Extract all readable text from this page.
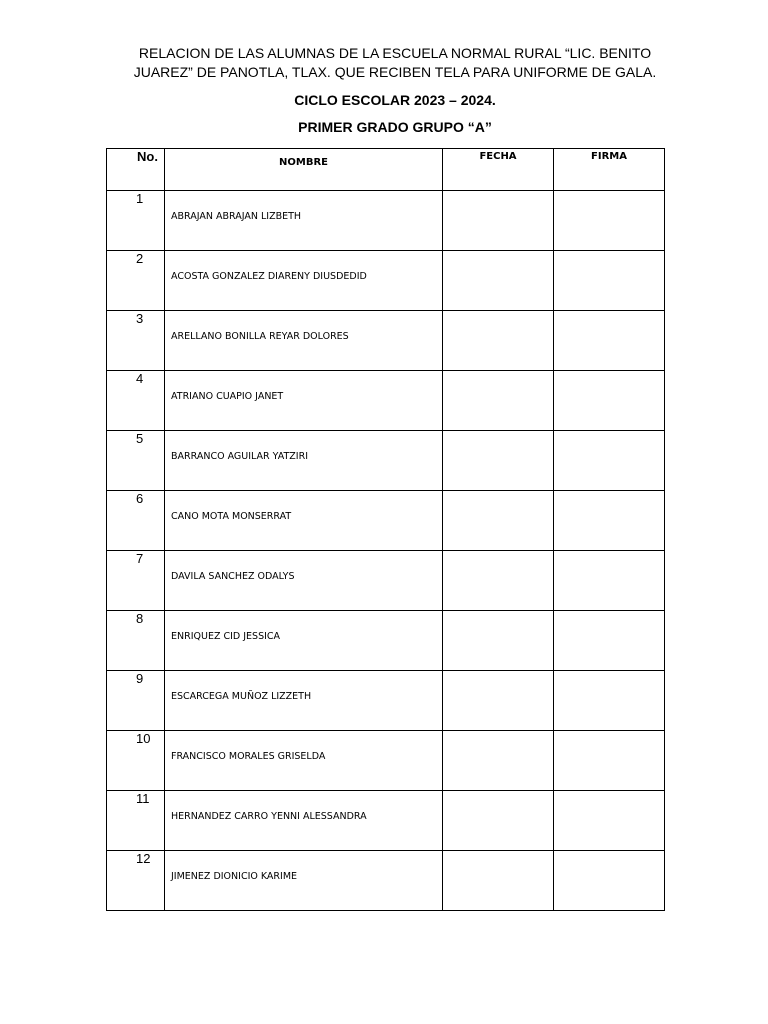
RELACION DE LAS ALUMNAS DE LA ESCUELA NORMAL RURAL “LIC. BENITO JUAREZ” DE PANOTLA, TLAX. QUE RECIBEN TELA PARA UNIFORME DE GALA.
CICLO ESCOLAR 2023 – 2024.
PRIMER GRADO GRUPO “A”
No.	NOMBRE	FECHA	FIRMA

1	ABRAJAN ABRAJAN LIZBETH		

2	ACOSTA GONZALEZ DIARENY DIUSDEDID		

3	ARELLANO BONILLA REYAR DOLORES		

4	ATRIANO CUAPIO JANET		

5	BARRANCO AGUILAR YATZIRI		

6	CANO MOTA MONSERRAT		

7	DAVILA SANCHEZ ODALYS		

8	ENRIQUEZ CID JESSICA		

9	ESCARCEGA MUÑOZ LIZZETH		

10	FRANCISCO MORALES GRISELDA		

11	HERNANDEZ CARRO YENNI ALESSANDRA		

12	JIMENEZ DIONICIO KARIME		
